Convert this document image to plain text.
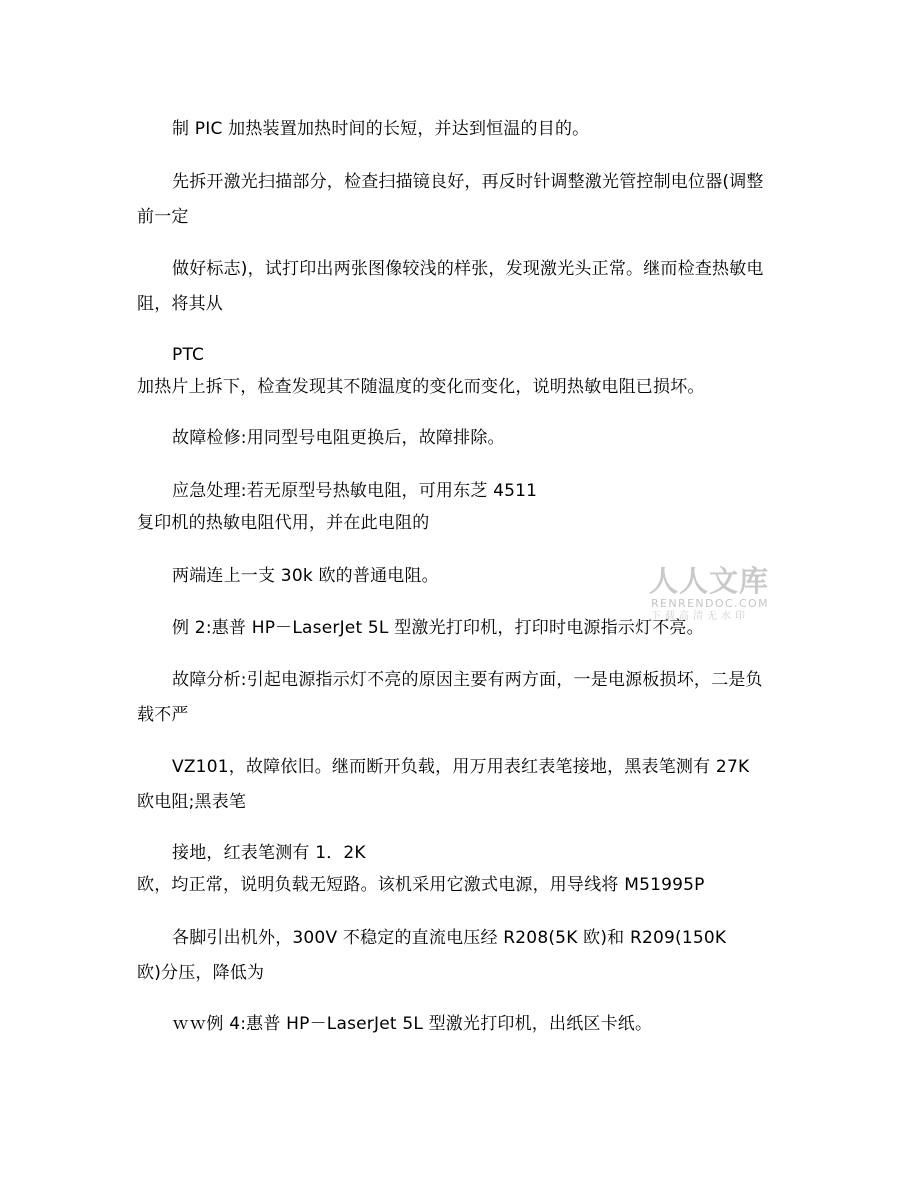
制 PIC 加热装置加热时间的长短，并达到恒温的目的。
先拆开激光扫描部分，检查扫描镜良好，再反时针调整激光管控制电位器(调整
前一定
做好标志)，试打印出两张图像较浅的样张，发现激光头正常。继而检查热敏电
阻，将其从
PTC
加热片上拆下，检查发现其不随温度的变化而变化，说明热敏电阻已损坏。
故障检修:用同型号电阻更换后，故障排除。
应急处理:若无原型号热敏电阻，可用东芝 4511
复印机的热敏电阻代用，并在此电阻的
两端连上一支 30k 欧的普通电阻。
例 2:惠普 HP－LaserJet 5L 型激光打印机，打印时电源指示灯不亮。
故障分析:引起电源指示灯不亮的原因主要有两方面，一是电源板损坏，二是负
载不严
VZ101，故障依旧。继而断开负载，用万用表红表笔接地，黑表笔测有 27K
欧电阻;黑表笔
接地，红表笔测有 1．2K
欧，均正常，说明负载无短路。该机采用它激式电源，用导线将 M51995P
各脚引出机外，300V 不稳定的直流电压经 R208(5K 欧)和 R209(150K
欧)分压，降低为
ｗｗ例 4:惠普 HP－LaserJet 5L 型激光打印机，出纸区卡纸。
人人文库
RENRENDOC.COM
下载高清无水印
